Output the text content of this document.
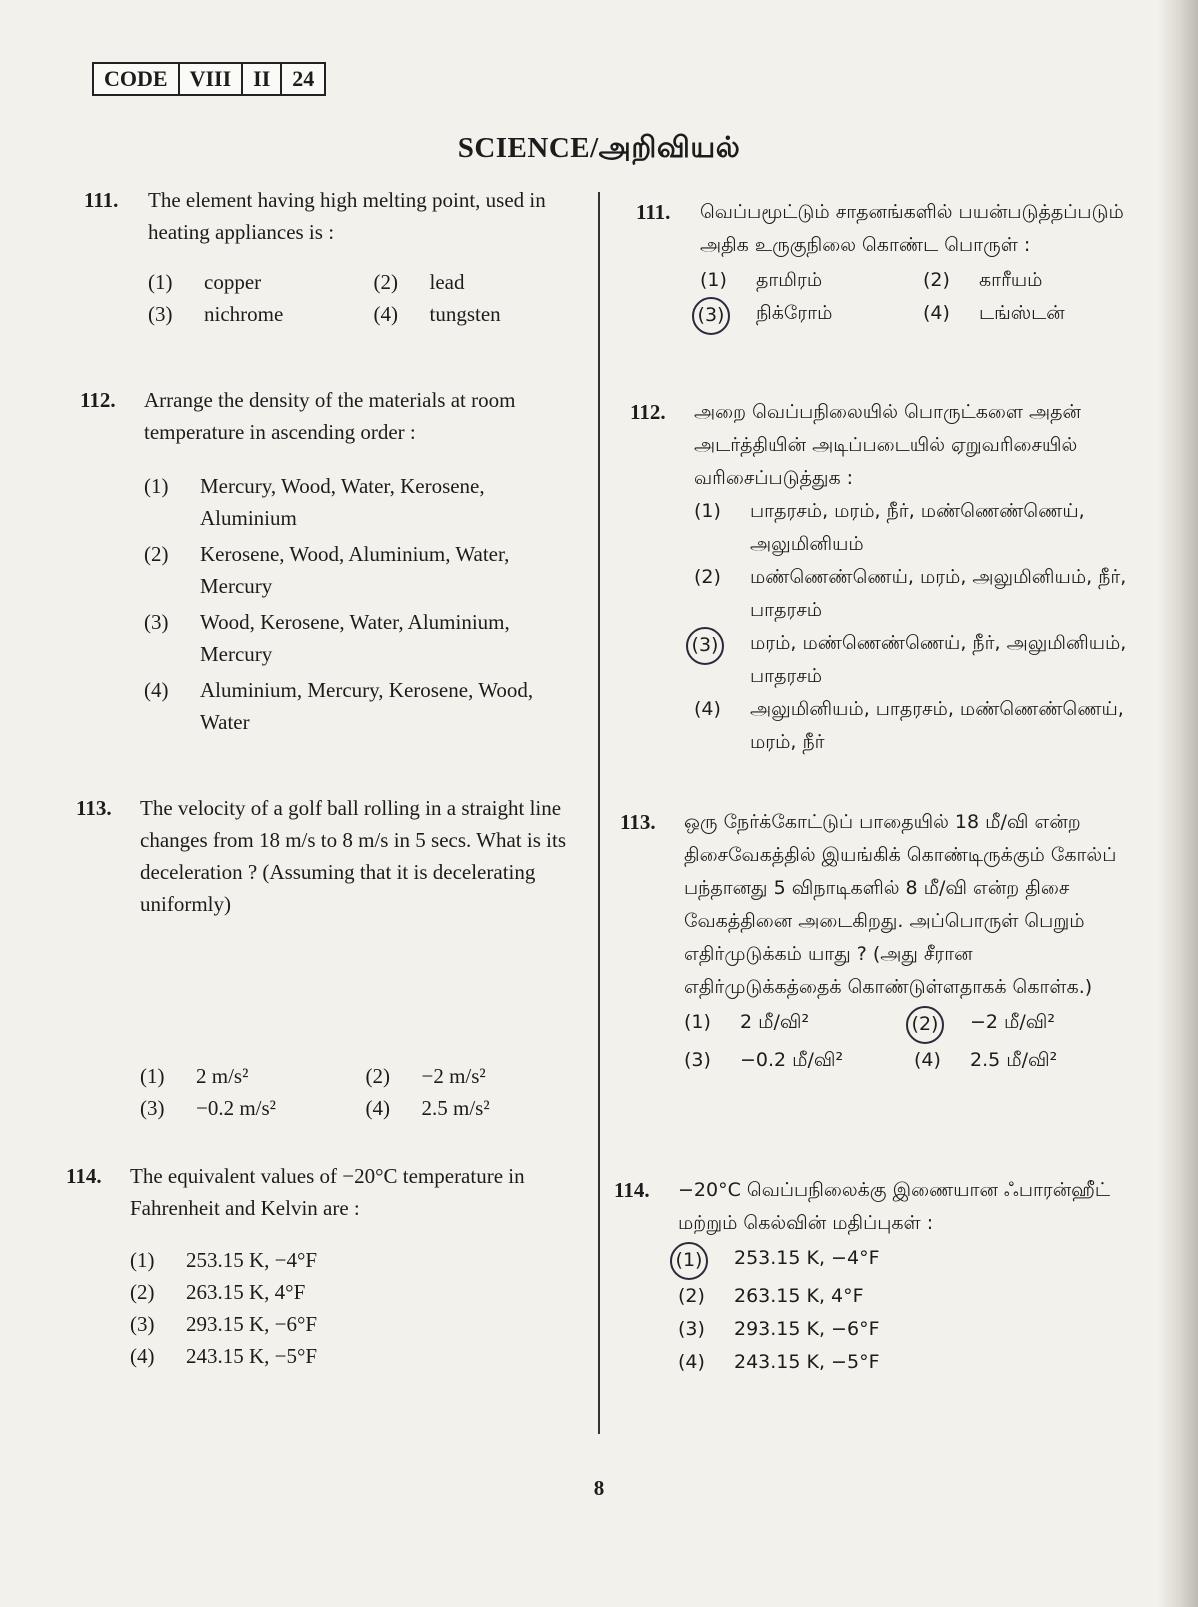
CODE	VIII	II	24
SCIENCE/அறிவியல்
111. The element having high melting point, used in heating appliances is :
(1)	copper	(2)	lead
(3)	nichrome	(4)	tungsten
112. Arrange the density of the materials at room temperature in ascending order :
(1)	Mercury, Wood, Water, Kerosene, Aluminium
(2)	Kerosene, Wood, Aluminium, Water, Mercury
(3)	Wood, Kerosene, Water, Aluminium, Mercury
(4)	Aluminium, Mercury, Kerosene, Wood, Water
113. The velocity of a golf ball rolling in a straight line changes from 18 m/s to 8 m/s in 5 secs. What is its deceleration ? (Assuming that it is decelerating uniformly)
(1)	2 m/s²	(2)	−2 m/s²
(3)	−0.2 m/s²	(4)	2.5 m/s²
114. The equivalent values of −20°C temperature in Fahrenheit and Kelvin are :
(1)	253.15 K, −4°F
(2)	263.15 K, 4°F
(3)	293.15 K, −6°F
(4)	243.15 K, −5°F
111. வெப்பமூட்டும் சாதனங்களில் பயன்படுத்தப்படும் அதிக உருகுநிலை கொண்ட பொருள் :
(1)	தாமிரம்	(2)	காரீயம்
(3)	நிக்ரோம்	(4)	டங்ஸ்டன்
112. அறை வெப்பநிலையில் பொருட்களை அதன் அடர்த்தியின் அடிப்படையில் ஏறுவரிசையில் வரிசைப்படுத்துக :
(1)	பாதரசம், மரம், நீர், மண்ணெண்ணெய், அலுமினியம்
(2)	மண்ணெண்ணெய், மரம், அலுமினியம், நீர், பாதரசம்
(3)	மரம், மண்ணெண்ணெய், நீர், அலுமினியம், பாதரசம்
(4)	அலுமினியம், பாதரசம், மண்ணெண்ணெய், மரம், நீர்
113. ஒரு நேர்க்கோட்டுப் பாதையில் 18 மீ/வி என்ற திசைவேகத்தில் இயங்கிக் கொண்டிருக்கும் கோல்ப் பந்தானது 5 விநாடிகளில் 8 மீ/வி என்ற திசை வேகத்தினை அடைகிறது. அப்பொருள் பெறும் எதிர்முடுக்கம் யாது ? (அது சீரான எதிர்முடுக்கத்தைக் கொண்டுள்ளதாகக் கொள்க.)
(1)	2 மீ/வி²	(2)	−2 மீ/வி²
(3)	−0.2 மீ/வி²	(4)	2.5 மீ/வி²
114. −20°C வெப்பநிலைக்கு இணையான ஃபாரன்ஹீட் மற்றும் கெல்வின் மதிப்புகள் :
(1)	253.15 K, −4°F
(2)	263.15 K, 4°F
(3)	293.15 K, −6°F
(4)	243.15 K, −5°F
8
